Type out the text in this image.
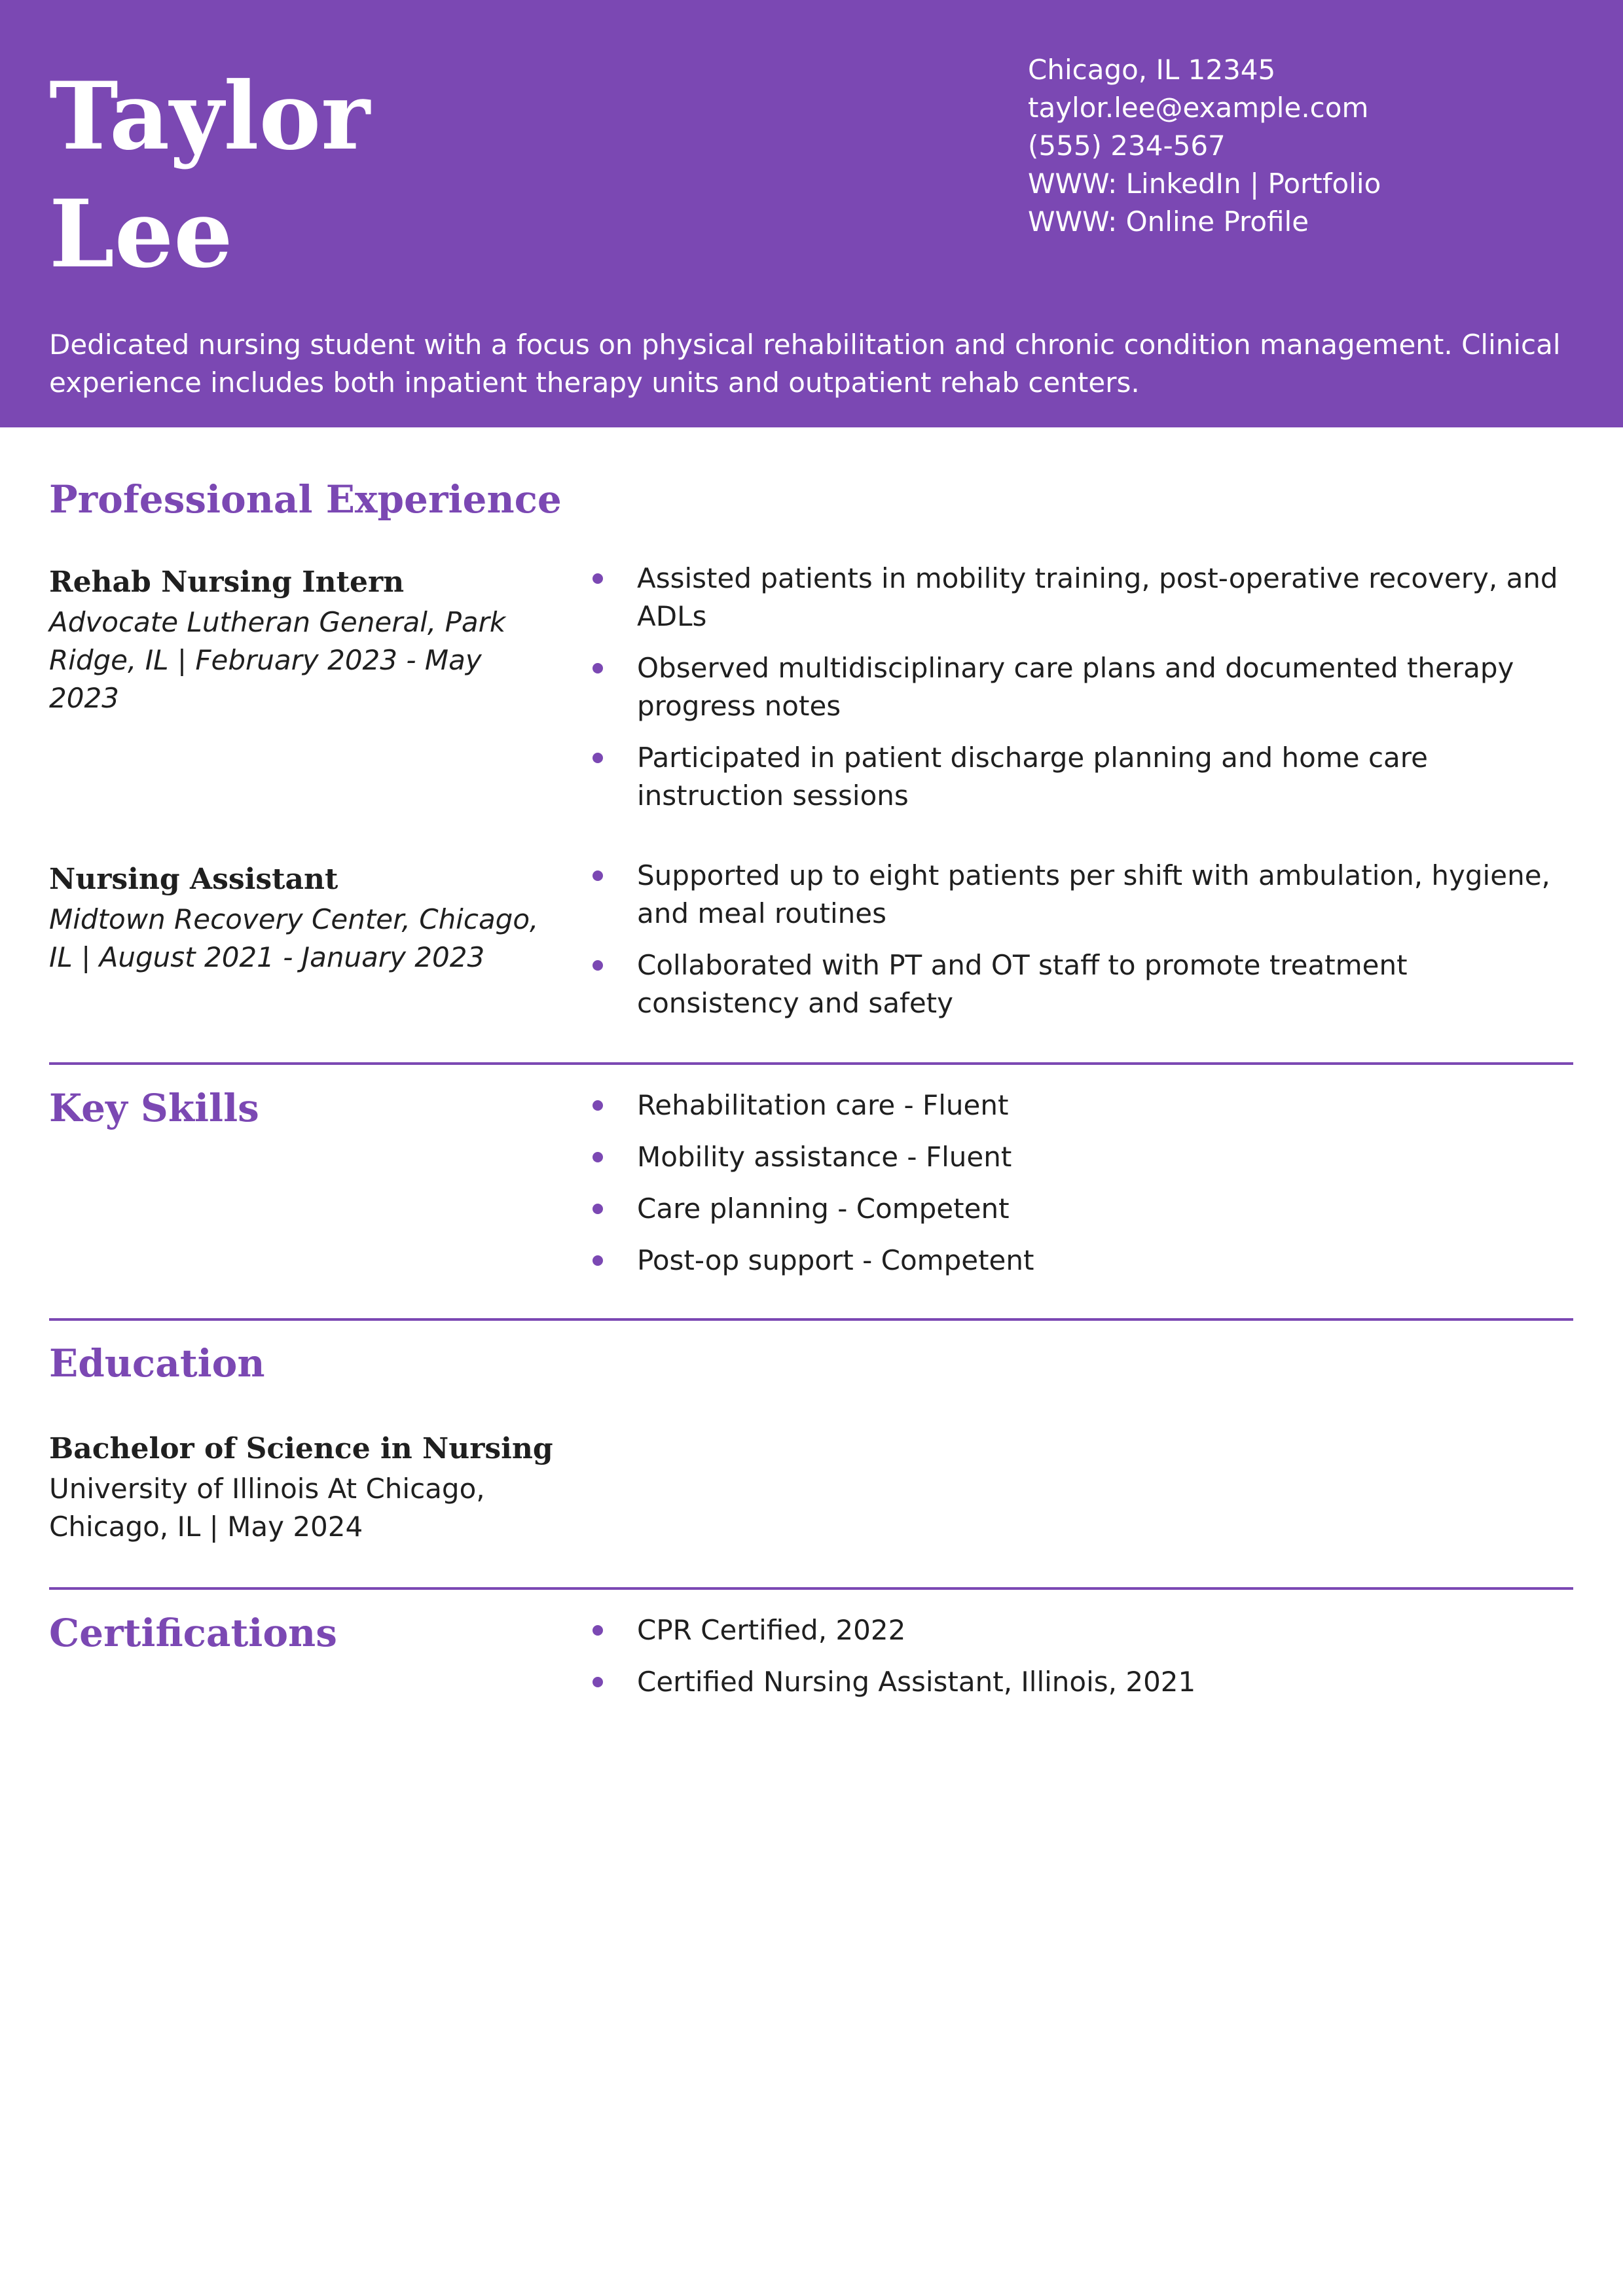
Taylor
Lee
Chicago, IL 12345
taylor.lee@example.com
(555) 234-567
WWW: LinkedIn | Portfolio
WWW: Online Profile

Dedicated nursing student with a focus on physical rehabilitation and chronic condition management. Clinical experience includes both inpatient therapy units and outpatient rehab centers.

Professional Experience
Rehab Nursing Intern
Advocate Lutheran General, Park Ridge, IL | February 2023 - May 2023
Assisted patients in mobility training, post-operative recovery, and ADLs
Observed multidisciplinary care plans and documented therapy progress notes
Participated in patient discharge planning and home care instruction sessions
Nursing Assistant
Midtown Recovery Center, Chicago, IL | August 2021 - January 2023
Supported up to eight patients per shift with ambulation, hygiene, and meal routines
Collaborated with PT and OT staff to promote treatment consistency and safety
Key Skills	Rehabilitation care - Fluent
Mobility assistance - Fluent
Care planning - Competent
Post-op support - Competent
Education
Bachelor of Science in Nursing
University of Illinois At Chicago, Chicago, IL | May 2024
Certifications	CPR Certified, 2022
Certified Nursing Assistant, Illinois, 2021
